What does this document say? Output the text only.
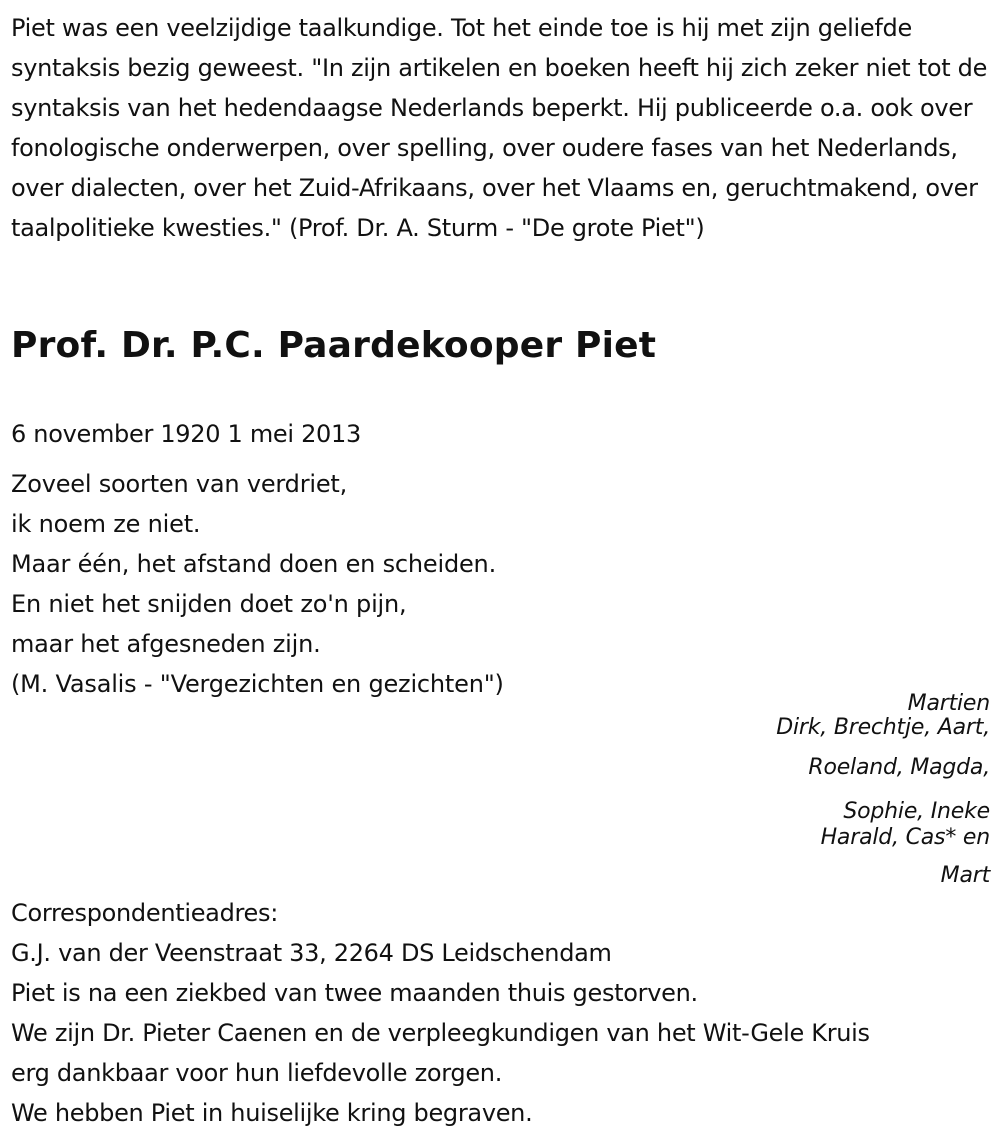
Piet was een veelzijdige taalkundige. Tot het einde toe is hij met zijn geliefde syntaksis bezig geweest. "In zijn artikelen en boeken heeft hij zich zeker niet tot de syntaksis van het hedendaagse Nederlands beperkt. Hij publiceerde o.a. ook over fonologische onderwerpen, over spelling, over oudere fases van het Nederlands, over dialecten, over het Zuid-Afrikaans, over het Vlaams en, geruchtmakend, over taalpolitieke kwesties." (Prof. Dr. A. Sturm - "De grote Piet")

Prof. Dr. P.C. Paardekooper Piet
6 november 1920 1 mei 2013
Zoveel soorten van verdriet,
ik noem ze niet.
Maar één, het afstand doen en scheiden.
En niet het snijden doet zo'n pijn,
maar het afgesneden zijn.
(M. Vasalis - "Vergezichten en gezichten")
Martien
Dirk, Brechtje, Aart,
Roeland, Magda,
Sophie, Ineke
Harald, Cas* en
Mart
Correspondentieadres:
G.J. van der Veenstraat 33, 2264 DS Leidschendam
Piet is na een ziekbed van twee maanden thuis gestorven.
We zijn Dr. Pieter Caenen en de verpleegkundigen van het Wit-Gele Kruis
erg dankbaar voor hun liefdevolle zorgen.
We hebben Piet in huiselijke kring begraven.
